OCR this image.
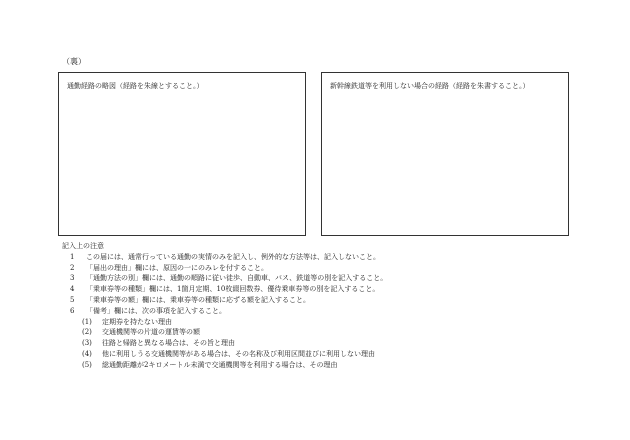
（裏）
通勤経路の略図（経路を朱線とすること。）	新幹線鉄道等を利用しない場合の経路（経路を朱書すること。）
記入上の注意
1	この届には、通常行っている通勤の実情のみを記入し、例外的な方法等は、記入しないこと。
2	「届出の理由」欄には、原因の一にのみレを付すること。
3	「通勤方法の別」欄には、通勤の順路に従い徒歩、自動車、バス、鉄道等の別を記入すること。
4	「乗車券等の種類」欄には、1箇月定期、10枚綴回数券、優待乗車券等の別を記入すること。
5	「乗車券等の額」欄には、乗車券等の種類に応ずる額を記入すること。
6	「備考」欄には、次の事項を記入すること。
(1)	定期券を持たない理由
(2)	交通機関等の片道の運賃等の額
(3)	往路と帰路と異なる場合は、その旨と理由
(4)	他に利用しうる交通機関等がある場合は、その名称及び利用区間並びに利用しない理由
(5)	総通勤距離が2キロメートル未満で交通機関等を利用する場合は、その理由
